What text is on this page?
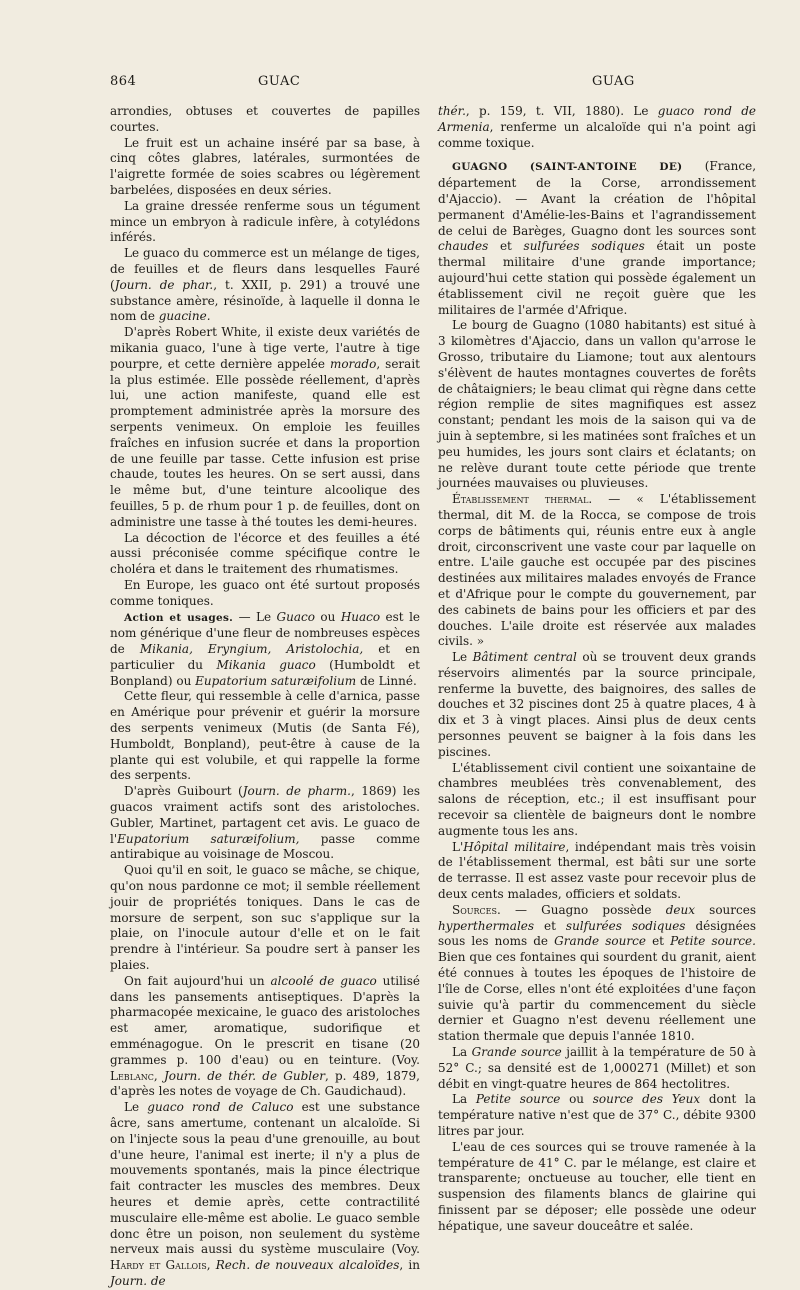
864	GUAC	GUAG

arrondies, obtuses et couvertes de papilles courtes.

Le fruit est un achaine inséré par sa base, à cinq côtes glabres, latérales, surmontées de l'aigrette formée de soies scabres ou légèrement barbelées, disposées en deux séries.

La graine dressée renferme sous un tégument mince un embryon à radicule infère, à cotylédons inférés.

Le guaco du commerce est un mélange de tiges, de feuilles et de fleurs dans lesquelles Fauré (Journ. de phar., t. XXII, p. 291) a trouvé une substance amère, résinoïde, à laquelle il donna le nom de guacine.

D'après Robert White, il existe deux variétés de mikania guaco, l'une à tige verte, l'autre à tige pourpre, et cette dernière appelée morado, serait la plus estimée. Elle possède réellement, d'après lui, une action manifeste, quand elle est promptement administrée après la morsure des serpents venimeux. On emploie les feuilles fraîches en infusion sucrée et dans la proportion de une feuille par tasse. Cette infusion est prise chaude, toutes les heures. On se sert aussi, dans le même but, d'une teinture alcoolique des feuilles, 5 p. de rhum pour 1 p. de feuilles, dont on administre une tasse à thé toutes les demi-heures.

La décoction de l'écorce et des feuilles a été aussi préconisée comme spécifique contre le choléra et dans le traitement des rhumatismes.

En Europe, les guaco ont été surtout proposés comme toniques.

Action et usages. — Le Guaco ou Huaco est le nom générique d'une fleur de nombreuses espèces de Mikania, Eryngium, Aristolochia, et en particulier du Mikania guaco (Humboldt et Bonpland) ou Eupatorium saturæifolium de Linné.

Cette fleur, qui ressemble à celle d'arnica, passe en Amérique pour prévenir et guérir la morsure des serpents venimeux (Mutis (de Santa Fé), Humboldt, Bonpland), peut-être à cause de la plante qui est volubile, et qui rappelle la forme des serpents.

D'après Guibourt (Journ. de pharm., 1869) les guacos vraiment actifs sont des aristoloches. Gubler, Martinet, partagent cet avis. Le guaco de l'Eupatorium saturæifolium, passe comme antirabique au voisinage de Moscou.

Quoi qu'il en soit, le guaco se mâche, se chique, qu'on nous pardonne ce mot; il semble réellement jouir de propriétés toniques. Dans le cas de morsure de serpent, son suc s'applique sur la plaie, on l'inocule autour d'elle et on le fait prendre à l'intérieur. Sa poudre sert à panser les plaies.

On fait aujourd'hui un alcoolé de guaco utilisé dans les pansements antiseptiques. D'après la pharmacopée mexicaine, le guaco des aristoloches est amer, aromatique, sudorifique et emménagogue. On le prescrit en tisane (20 grammes p. 100 d'eau) ou en teinture. (Voy. Leblanc, Journ. de thér. de Gubler, p. 489, 1879, d'après les notes de voyage de Ch. Gaudichaud).

Le guaco rond de Caluco est une substance âcre, sans amertume, contenant un alcaloïde. Si on l'injecte sous la peau d'une grenouille, au bout d'une heure, l'animal est inerte; il n'y a plus de mouvements spontanés, mais la pince électrique fait contracter les muscles des membres. Deux heures et demie après, cette contractilité musculaire elle-même est abolie. Le guaco semble donc être un poison, non seulement du système nerveux mais aussi du système musculaire (Voy. Hardy et Gallois, Rech. de nouveaux alcaloïdes, in Journ. de

thér., p. 159, t. VII, 1880). Le guaco rond de Armenia, renferme un alcaloïde qui n'a point agi comme toxique.

GUAGNO (SAINT-ANTOINE DE) (France, département de la Corse, arrondissement d'Ajaccio). — Avant la création de l'hôpital permanent d'Amélie-les-Bains et l'agrandissement de celui de Barèges, Guagno dont les sources sont chaudes et sulfurées sodiques était un poste thermal militaire d'une grande importance; aujourd'hui cette station qui possède également un établissement civil ne reçoit guère que les militaires de l'armée d'Afrique.

Le bourg de Guagno (1080 habitants) est situé à 3 kilomètres d'Ajaccio, dans un vallon qu'arrose le Grosso, tributaire du Liamone; tout aux alentours s'élèvent de hautes montagnes couvertes de forêts de châtaigniers; le beau climat qui règne dans cette région remplie de sites magnifiques est assez constant; pendant les mois de la saison qui va de juin à septembre, si les matinées sont fraîches et un peu humides, les jours sont clairs et éclatants; on ne relève durant toute cette période que trente journées mauvaises ou pluvieuses.

Établissement thermal. — « L'établissement thermal, dit M. de la Rocca, se compose de trois corps de bâtiments qui, réunis entre eux à angle droit, circonscrivent une vaste cour par laquelle on entre. L'aile gauche est occupée par des piscines destinées aux militaires malades envoyés de France et d'Afrique pour le compte du gouvernement, par des cabinets de bains pour les officiers et par des douches. L'aile droite est réservée aux malades civils. »

Le Bâtiment central où se trouvent deux grands réservoirs alimentés par la source principale, renferme la buvette, des baignoires, des salles de douches et 32 piscines dont 25 à quatre places, 4 à dix et 3 à vingt places. Ainsi plus de deux cents personnes peuvent se baigner à la fois dans les piscines.

L'établissement civil contient une soixantaine de chambres meublées très convenablement, des salons de réception, etc.; il est insuffisant pour recevoir sa clientèle de baigneurs dont le nombre augmente tous les ans.

L'Hôpital militaire, indépendant mais très voisin de l'établissement thermal, est bâti sur une sorte de terrasse. Il est assez vaste pour recevoir plus de deux cents malades, officiers et soldats.

Sources. — Guagno possède deux sources hyperthermales et sulfurées sodiques désignées sous les noms de Grande source et Petite source. Bien que ces fontaines qui sourdent du granit, aient été connues à toutes les époques de l'histoire de l'île de Corse, elles n'ont été exploitées d'une façon suivie qu'à partir du commencement du siècle dernier et Guagno n'est devenu réellement une station thermale que depuis l'année 1810.

La Grande source jaillit à la température de 50 à 52° C.; sa densité est de 1,000271 (Millet) et son débit en vingt-quatre heures de 864 hectolitres.

La Petite source ou source des Yeux dont la température native n'est que de 37° C., débite 9300 litres par jour.

L'eau de ces sources qui se trouve ramenée à la température de 41° C. par le mélange, est claire et transparente; onctueuse au toucher, elle tient en suspension des filaments blancs de glairine qui finissent par se déposer; elle possède une odeur hépatique, une saveur douceâtre et salée.
